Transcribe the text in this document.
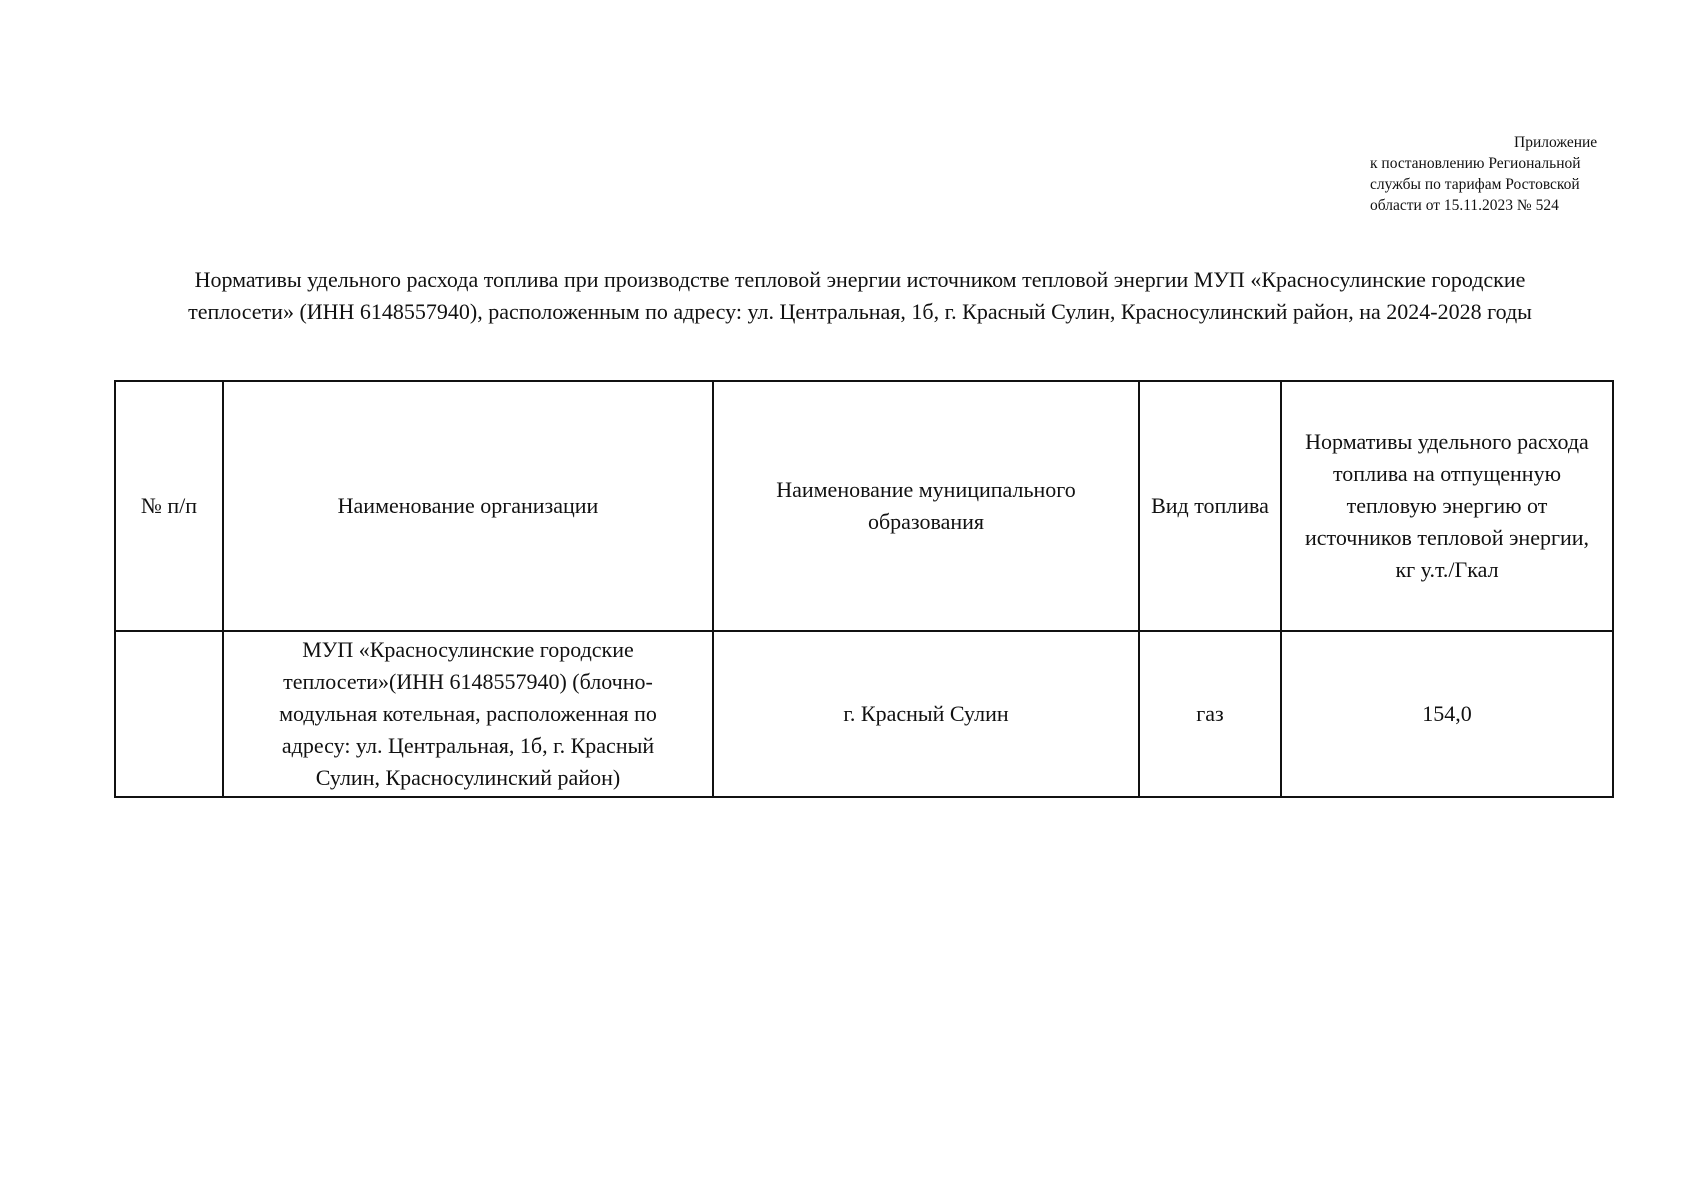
Приложение
к постановлению Региональной
службы по тарифам Ростовской
области от 15.11.2023 № 524
Нормативы удельного расхода топлива при производстве тепловой энергии источником тепловой энергии МУП «Красносулинские городские
теплосети» (ИНН 6148557940), расположенным по адресу: ул. Центральная, 1б, г. Красный Сулин, Красносулинский район, на 2024-2028 годы
№ п/п	Наименование организации	Наименование муниципального
образования	Вид топлива	Нормативы удельного расхода
топлива на отпущенную
тепловую энергию от
источников тепловой энергии,
кг у.т./Гкал

	МУП «Красносулинские городские
теплосети»(ИНН 6148557940) (блочно-
модульная котельная, расположенная по
адресу: ул. Центральная, 1б, г. Красный
Сулин, Красносулинский район)	г. Красный Сулин	газ	154,0
